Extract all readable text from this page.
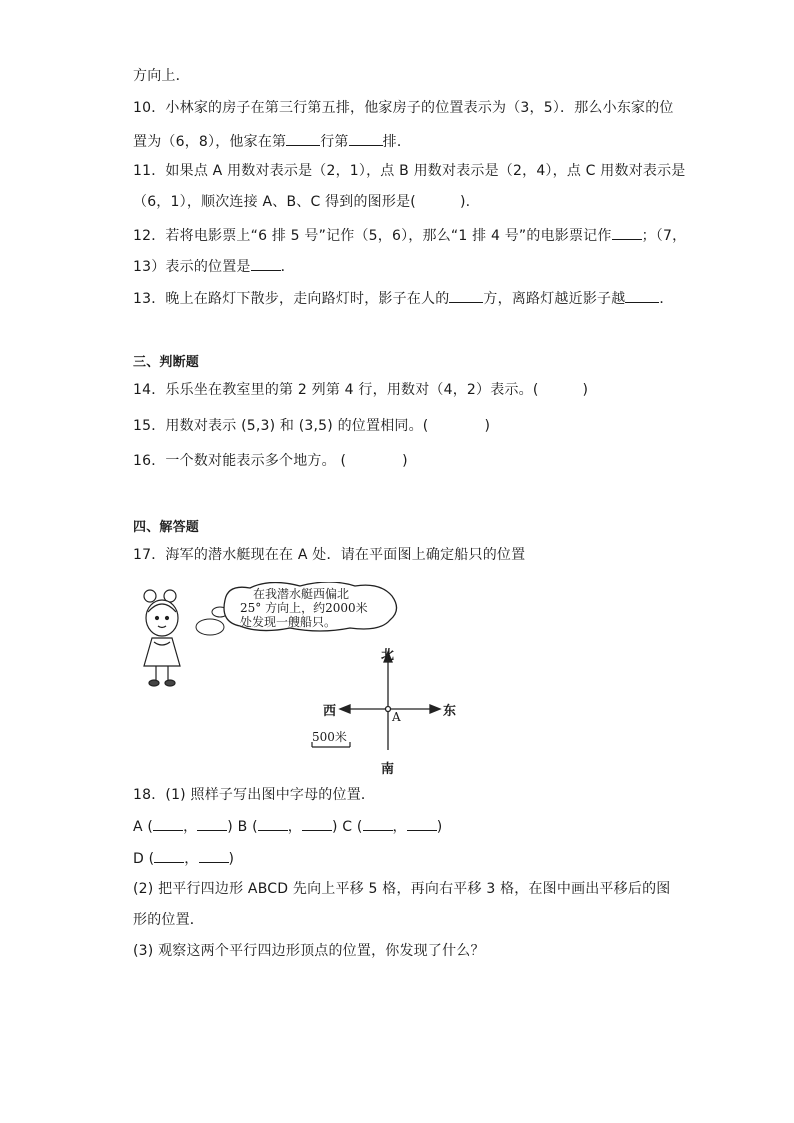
方向上．
10．小林家的房子在第三行第五排，他家房子的位置表示为（3，5）．那么小东家的位
置为（6，8），他家在第 行第 排．
11．如果点 A 用数对表示是（2，1），点 B 用数对表示是（2，4），点 C 用数对表示是
（6，1），顺次连接 A、B、C 得到的图形是(	).
12．若将电影票上“6 排 5 号”记作（5，6），那么“1 排 4 号”的电影票记作 ；（7，
13）表示的位置是 ．
13．晚上在路灯下散步，走向路灯时，影子在人的 方，离路灯越近影子越 ．
三、判断题
14．乐乐坐在教室里的第 2 列第 4 行，用数对（4，2）表示。(	)
15．用数对表示 (5,3) 和 (3,5) 的位置相同。(	)
16．一个数对能表示多个地方。 (	)
四、解答题
17．海军的潜水艇现在在 A 处．请在平面图上确定船只的位置
在我潜水艇西偏北
25° 方向上，约2000米
处发现一艘船只。
北
南
西	东
A
500米
18．(1) 照样子写出图中字母的位置．
A ( ， ) B ( ， ) C ( ， )
D ( ， )
(2) 把平行四边形 ABCD 先向上平移 5 格，再向右平移 3 格，在图中画出平移后的图
形的位置．
(3) 观察这两个平行四边形顶点的位置，你发现了什么？
